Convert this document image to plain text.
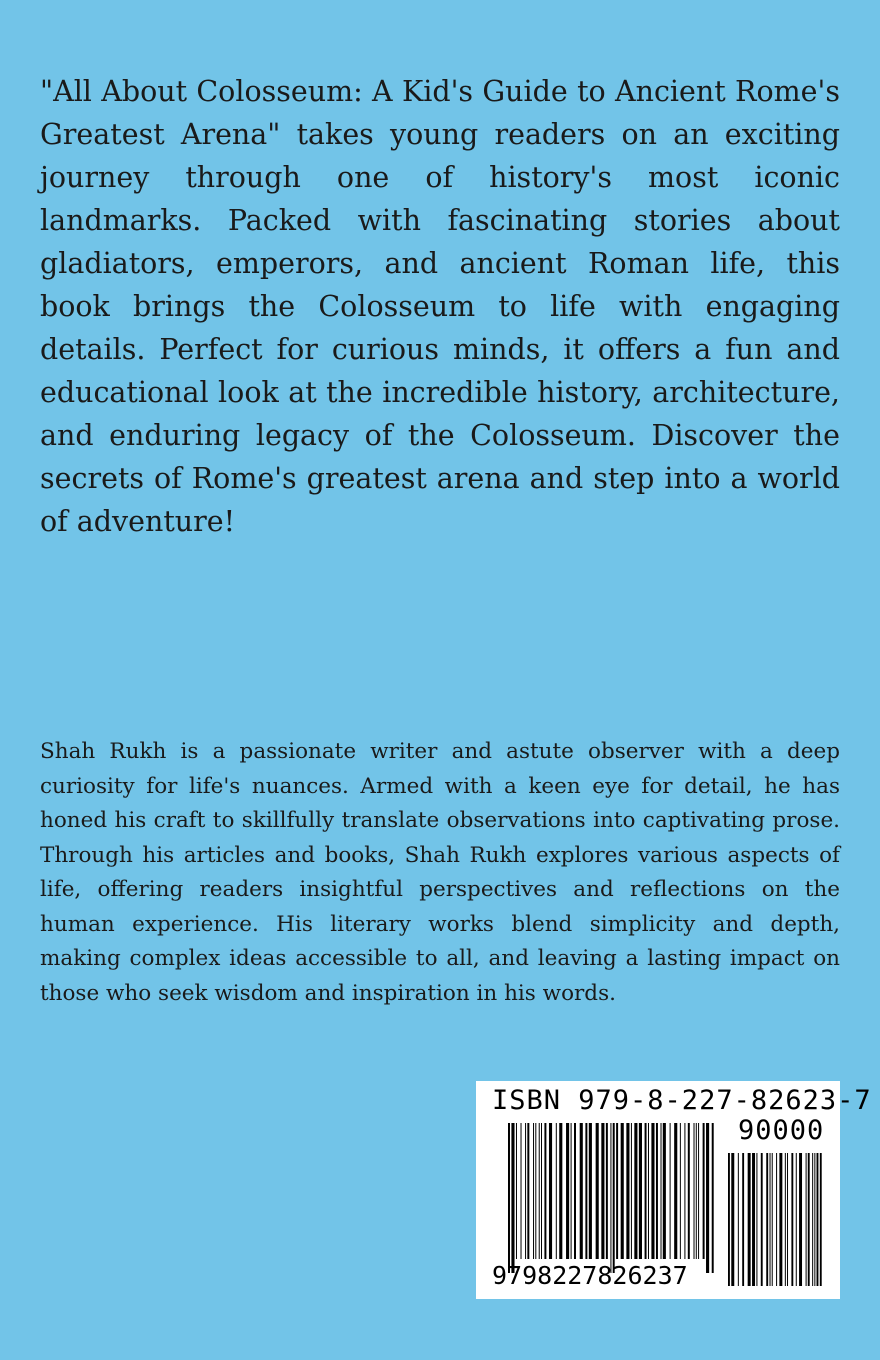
"All About Colosseum: A Kid's Guide to Ancient Rome's Greatest Arena" takes young readers on an exciting journey through one of history's most iconic landmarks. Packed with fascinating stories about gladiators, emperors, and ancient Roman life, this book brings the Colosseum to life with engaging details. Perfect for curious minds, it offers a fun and educational look at the incredible history, architecture, and enduring legacy of the Colosseum. Discover the secrets of Rome's greatest arena and step into a world of adventure!

Shah Rukh is a passionate writer and astute observer with a deep curiosity for life's nuances. Armed with a keen eye for detail, he has honed his craft to skillfully translate observations into captivating prose. Through his articles and books, Shah Rukh explores various aspects of life, offering readers insightful perspectives and reflections on the human experience. His literary works blend simplicity and depth, making complex ideas accessible to all, and leaving a lasting impact on those who seek wisdom and inspiration in his words.

ISBN 979-8-227-82623-7
90000
9798227826237
